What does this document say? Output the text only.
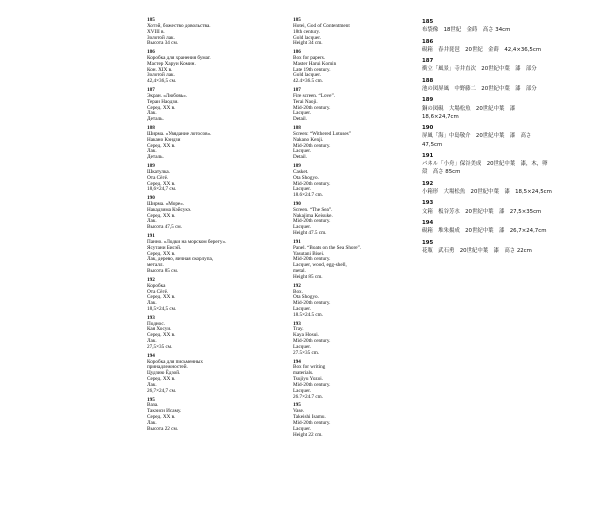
185
Хотэй, божество довольства.
XVIII в.
Золотой лак.
Высота 34 см.
186
Коробка для хранения бумаг.
Мастер Харуи Комин.
Кон. XIX в.
Золотой лак.
42,4×36,5 см.
187
Экран. «Любовь».
Тераи Наодзи.
Серед. XX в.
Лак.
Деталь.
188
Ширма. «Увядание лотосов».
Накано Кэндзи
Серед. XX в.
Лак.
Деталь.
189
Шкатулка.
Ота Сёгё.
Серед. XX в.
18,6×24,7 см.
190
Ширма. «Море».
Накадзима Кэйсукэ.
Серед. XX в.
Лак.
Высота 47,5 см.
191
Панно. «Лодки на морском берегу».
Ясутани Бисэй.
Серед. XX в.
Лак, дерево, яичная скорлупа,
металл.
Высота 85 см.
192
Коробка
Ота Сёгё.
Серед. XX в.
Лак.
18,5×24,5 см.
193
Поднос.
Кая Хосуи.
Серед. XX в.
Лак.
27,5×35 см.
194
Коробка для письменных
принадлежностей.
Цудзию Ёдзой.
Серед. XX в.
Лак.
26,7×24,7 см.
195
Ваза.
Такэиси Исаму.
Серед. XX в.
Лак.
Высота 22 см.
185
Hotei, God of Contentment
18th century.
Gold lacquer.
Height 34 cm.
186
Box for papers.
Master Harui Komin
Late 19th century.
Gold lacquer.
42.4×36.5 cm.
187
Fire screen. “Love”.
Terai Naoji.
Mid-20th century.
Lacquer.
Detail.
188
Screen: “Withered Lotuses”
Nakano Kenji.
Mid-20th century.
Lacquer.
Detail.
189
Casket.
Ota Shogyo.
Mid-20th century.
Lacquer.
18.6×24.7 cm.
190
Screen. “The Sea”.
Nakajima Keisuke.
Mid-20th century.
Lacquer.
Height 47.5 cm.
191
Panel. “Boats on the Sea Shore”.
Yasutani Bisei.
Mid-20th century.
Lacquer, wood, egg-shell,
metal.
Height 85 cm.
192
Box.
Ota Shogyo.
Mid-20th century.
Lacquer.
18.5×24.5 cm.
193
Tray.
Kaya Hosui.
Mid-20th century.
Lacquer.
27.5×35 cm.
194
Box for writing
materials.
Tsujiyu Yozoi.
Mid-20th century.
Lacquer.
26.7×24.7 cm.
195
Vase.
Takeishi Isamu.
Mid-20th century.
Lacquer.
Height 22 cm.
185
布袋像　18世紀　金蒔　高さ 34cm
186
硯箱　春井琵琶　20世紀　金蒔　42,4×36,5cm
187
衝立「風景」寺井直次　20世紀中葉　漆　部分
188
池の図屏風　中野藤二　20世紀中葉　漆　部分
189
銅の図硯　大場松魚　20世紀中葉　漆　18,6×24,7cm
190
屏風「海」中島敬介　20世紀中葉　漆　高さ 47,5cm
191
パネル「小舟」保谷美成　20世紀中葉　漆，木，卵殻　高さ 85cm
192
小箱形　大場松魚　20世紀中葉　漆　18,5×24,5cm
193
文箱　板谷芳水　20世紀中葉　漆　27,5×35cm
194
硯箱　堆朱揚成　20世紀中葉　漆　26,7×24,7cm
195
花瓶　武石勇　20世紀中葉　漆　高さ 22cm
